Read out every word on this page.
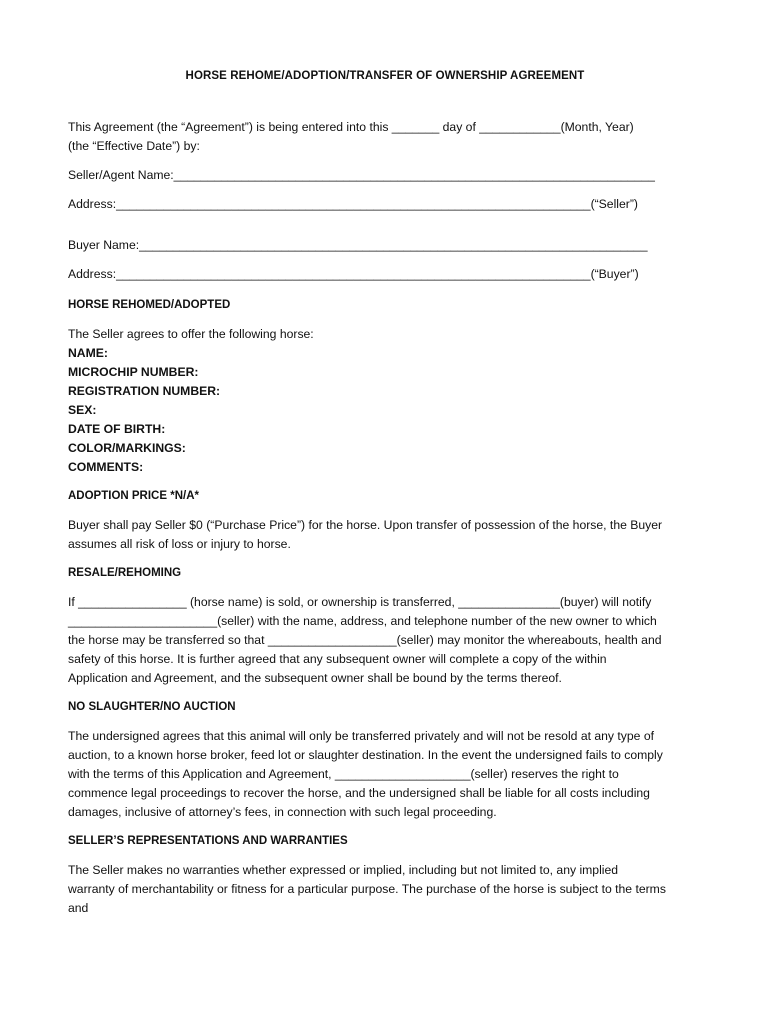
HORSE REHOME/ADOPTION/TRANSFER OF OWNERSHIP AGREEMENT

This Agreement (the “Agreement”) is being entered into this _______ day of ____________(Month, Year)

(the “Effective Date”) by:

Seller/Agent Name:_______________________________________________________________________

Address:______________________________________________________________________(“Seller”)

Buyer Name:___________________________________________________________________________

Address:______________________________________________________________________(“Buyer”)

HORSE REHOMED/ADOPTED

The Seller agrees to offer the following horse:

NAME:

MICROCHIP NUMBER:

REGISTRATION NUMBER:

SEX:

DATE OF BIRTH:

COLOR/MARKINGS:

COMMENTS:

ADOPTION PRICE *N/A*

Buyer shall pay Seller $0 (“Purchase Price”) for the horse. Upon transfer of possession of the horse, the Buyer

assumes all risk of loss or injury to horse.

RESALE/REHOMING

If ________________ (horse name) is sold, or ownership is transferred, _______________(buyer) will notify

______________________(seller) with the name, address, and telephone number of the new owner to which

the horse may be transferred so that ___________________(seller) may monitor the whereabouts, health and

safety of this horse. It is further agreed that any subsequent owner will complete a copy of the within

Application and Agreement, and the subsequent owner shall be bound by the terms thereof.

NO SLAUGHTER/NO AUCTION

The undersigned agrees that this animal will only be transferred privately and will not be resold at any type of

auction, to a known horse broker, feed lot or slaughter destination. In the event the undersigned fails to comply

with the terms of this Application and Agreement, ____________________(seller) reserves the right to

commence legal proceedings to recover the horse, and the undersigned shall be liable for all costs including

damages, inclusive of attorney’s fees, in connection with such legal proceeding.

SELLER’S REPRESENTATIONS AND WARRANTIES

The Seller makes no warranties whether expressed or implied, including but not limited to, any implied

warranty of merchantability or fitness for a particular purpose. The purchase of the horse is subject to the terms

and
